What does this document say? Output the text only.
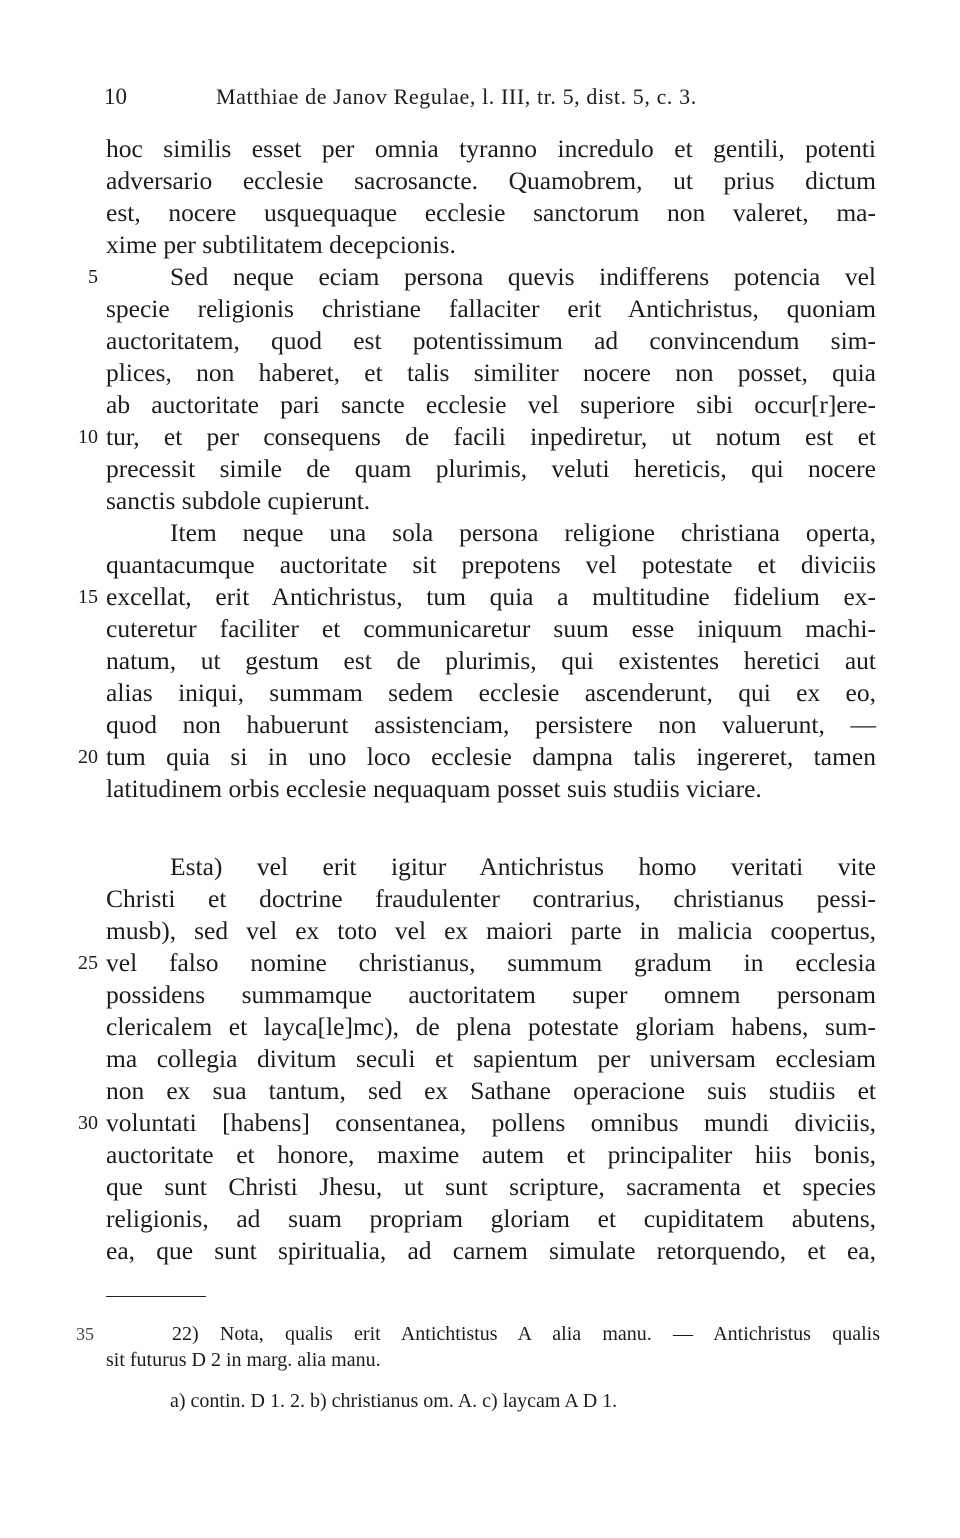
10	Matthiae de Janov Regulae, l. III, tr. 5, dist. 5, c. 3.
hoc similis esset per omnia tyranno incredulo et gentili, potenti
adversario ecclesie sacrosancte. Quamobrem, ut prius dictum
est, nocere usquequaque ecclesie sanctorum non valeret, ma-
xime per subtilitatem decepcionis.
Sed neque eciam persona quevis indifferens potencia vel
specie religionis christiane fallaciter erit Antichristus, quoniam
auctoritatem, quod est potentissimum ad convincendum sim-
plices, non haberet, et talis similiter nocere non posset, quia
ab auctoritate pari sancte ecclesie vel superiore sibi occur[r]ere-
tur, et per consequens de facili inpediretur, ut notum est et
precessit simile de quam plurimis, veluti hereticis, qui nocere
sanctis subdole cupierunt.
Item neque una sola persona religione christiana operta,
quantacumque auctoritate sit prepotens vel potestate et diviciis
excellat, erit Antichristus, tum quia a multitudine fidelium ex-
cuteretur faciliter et communicaretur suum esse iniquum machi-
natum, ut gestum est de plurimis, qui existentes heretici aut
alias iniqui, summam sedem ecclesie ascenderunt, qui ex eo,
quod non habuerunt assistenciam, persistere non valuerunt, —
tum quia si in uno loco ecclesie dampna talis ingereret, tamen
latitudinem orbis ecclesie nequaquam posset suis studiis viciare.
Esta) vel erit igitur Antichristus homo veritati vite
Christi et doctrine fraudulenter contrarius, christianus pessi-
musb), sed vel ex toto vel ex maiori parte in malicia coopertus,
vel falso nomine christianus, summum gradum in ecclesia
possidens summamque auctoritatem super omnem personam
clericalem et layca[le]mc), de plena potestate gloriam habens, sum-
ma collegia divitum seculi et sapientum per universam ecclesiam
non ex sua tantum, sed ex Sathane operacione suis studiis et
voluntati [habens] consentanea, pollens omnibus mundi diviciis,
auctoritate et honore, maxime autem et principaliter hiis bonis,
que sunt Christi Jhesu, ut sunt scripture, sacramenta et species
religionis, ad suam propriam gloriam et cupiditatem abutens,
ea, que sunt spiritualia, ad carnem simulate retorquendo, et ea,
5
10
15
20
25
30
35	22) Nota, qualis erit Antichtistus A alia manu. — Antichristus qualis
sit futurus D 2 in marg. alia manu.
a) contin. D 1. 2. b) christianus om. A. c) laycam A D 1.
